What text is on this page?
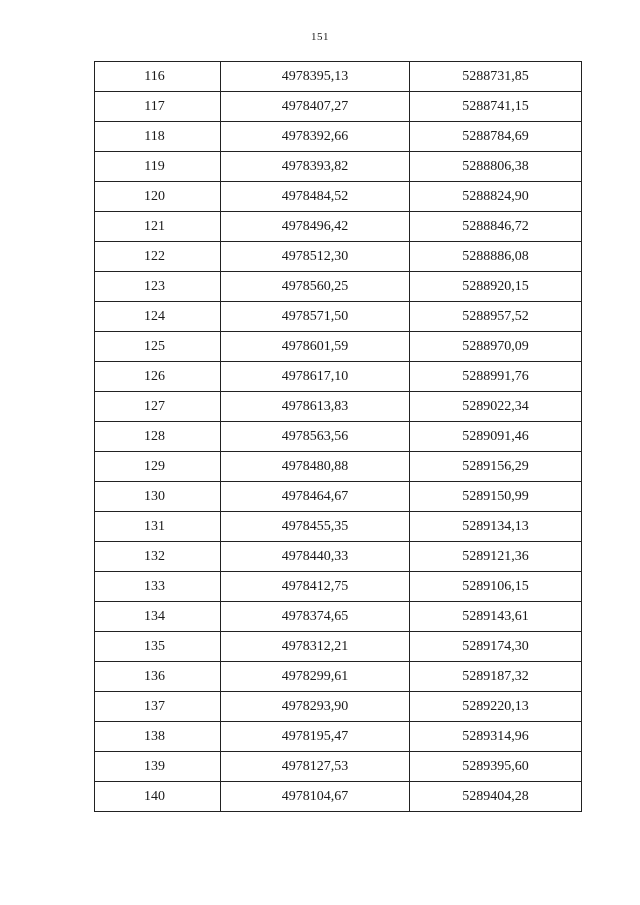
151
116	4978395,13	5288731,85
117	4978407,27	5288741,15
118	4978392,66	5288784,69
119	4978393,82	5288806,38
120	4978484,52	5288824,90
121	4978496,42	5288846,72
122	4978512,30	5288886,08
123	4978560,25	5288920,15
124	4978571,50	5288957,52
125	4978601,59	5288970,09
126	4978617,10	5288991,76
127	4978613,83	5289022,34
128	4978563,56	5289091,46
129	4978480,88	5289156,29
130	4978464,67	5289150,99
131	4978455,35	5289134,13
132	4978440,33	5289121,36
133	4978412,75	5289106,15
134	4978374,65	5289143,61
135	4978312,21	5289174,30
136	4978299,61	5289187,32
137	4978293,90	5289220,13
138	4978195,47	5289314,96
139	4978127,53	5289395,60
140	4978104,67	5289404,28
